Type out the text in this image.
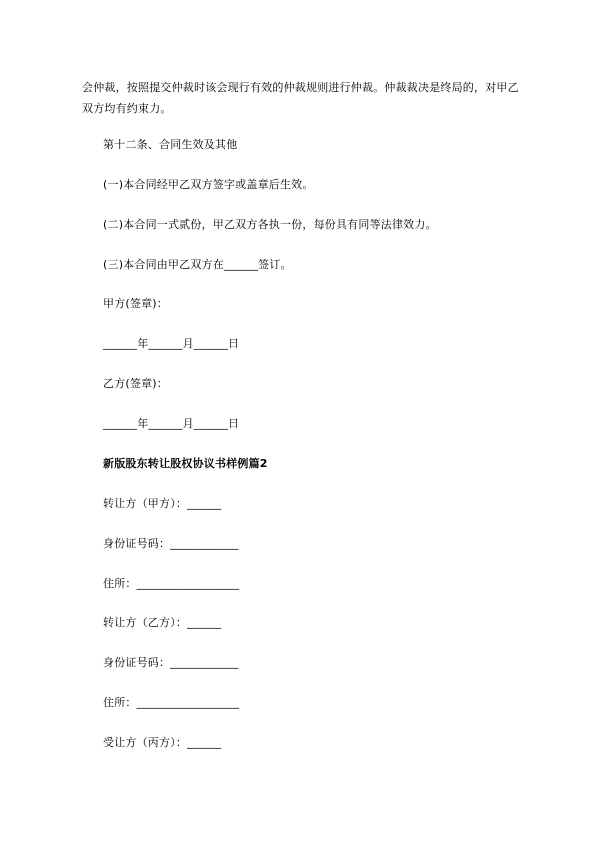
会仲裁，按照提交仲裁时该会现行有效的仲裁规则进行仲裁。仲裁裁决是终局的，对甲乙双方均有约束力。

第十二条、合同生效及其他

(一)本合同经甲乙双方签字或盖章后生效。

(二)本合同一式贰份，甲乙双方各执一份，每份具有同等法律效力。

(三)本合同由甲乙双方在______签订。

甲方(签章)：

______年______月______日

乙方(签章)：

______年______月______日

新版股东转让股权协议书样例篇2

转让方（甲方）：______

身份证号码：____________

住所：__________________

转让方（乙方）：______

身份证号码：____________

住所：__________________

受让方（丙方）：______
